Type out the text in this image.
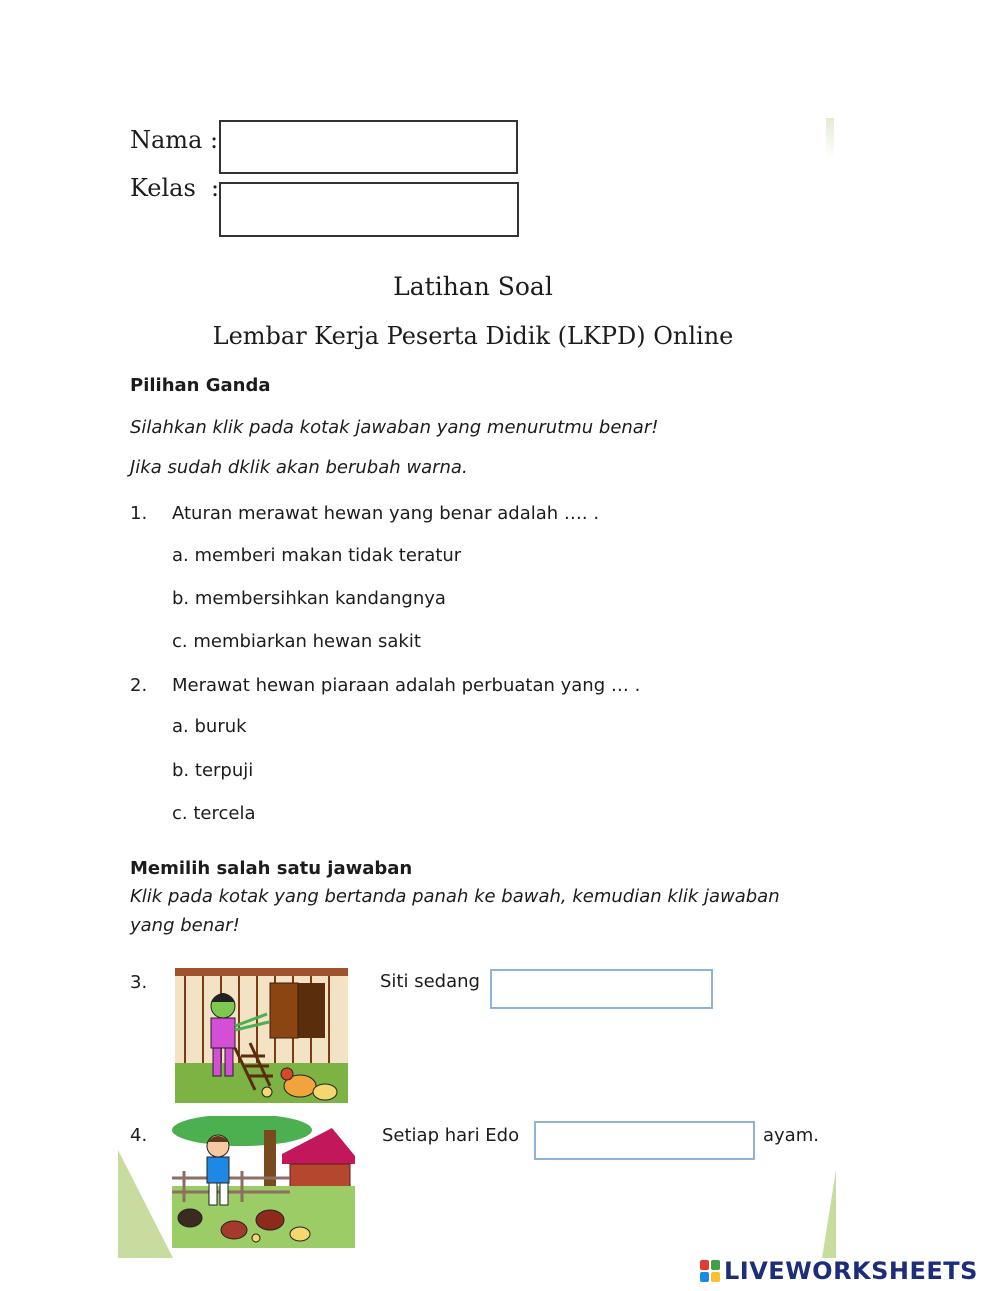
Nama :
Kelas  :
Latihan Soal
Lembar Kerja Peserta Didik (LKPD) Online
Pilihan Ganda
Silahkan klik pada kotak jawaban yang menurutmu benar!
Jika sudah dklik akan berubah warna.
1. Aturan merawat hewan yang benar adalah …. .
a. memberi makan tidak teratur
b. membersihkan kandangnya
c. membiarkan hewan sakit
2. Merawat hewan piaraan adalah perbuatan yang … .
a. buruk
b. terpuji
c. tercela
Memilih salah satu jawaban
Klik pada kotak yang bertanda panah ke bawah, kemudian klik jawaban
yang benar!
3.	Siti sedang
4.	Setiap hari Edo	ayam.
LIVEWORKSHEETS
